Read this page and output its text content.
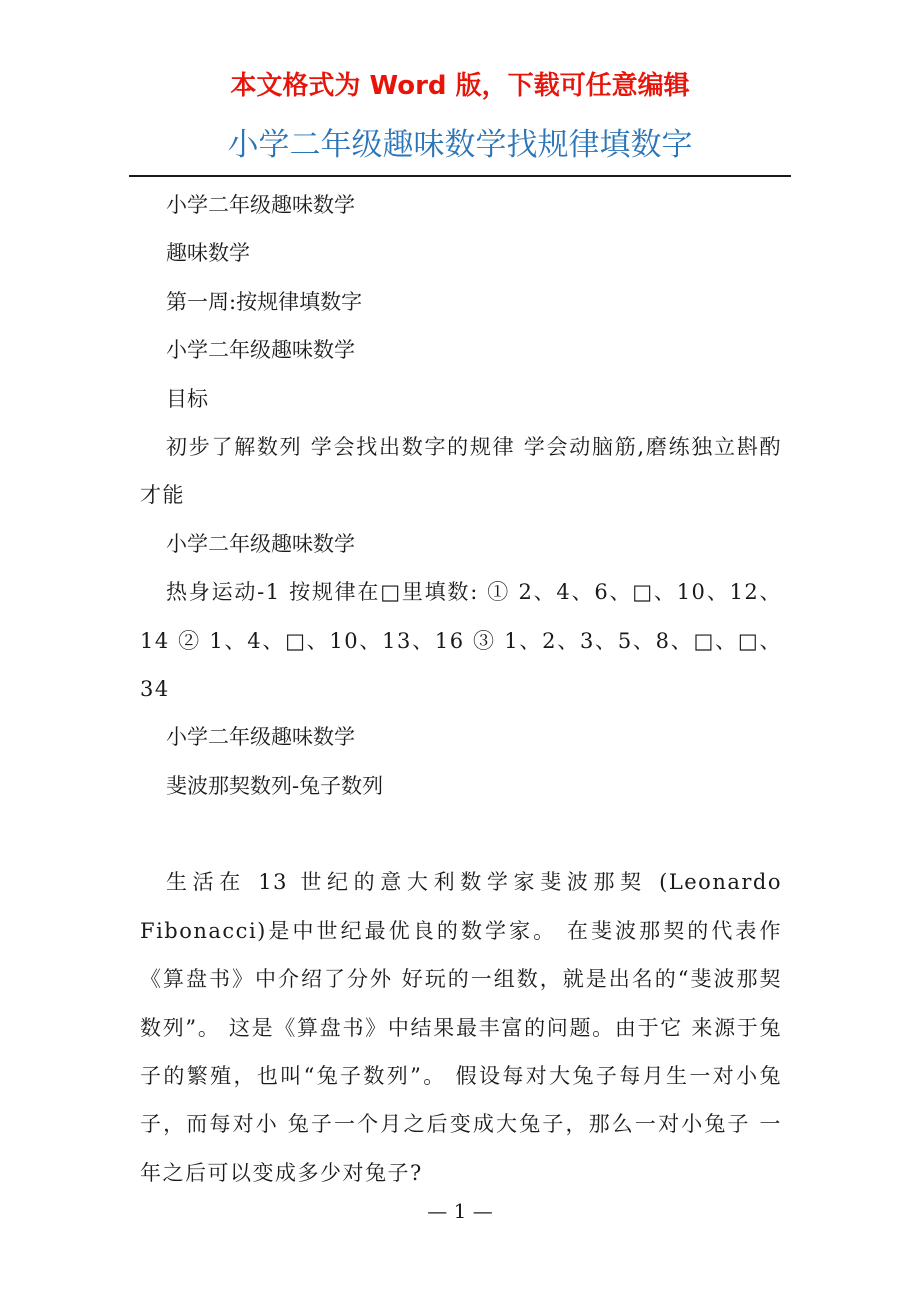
本文格式为 Word 版，下载可任意编辑
小学二年级趣味数学找规律填数字

小学二年级趣味数学

趣味数学

第一周:按规律填数字

小学二年级趣味数学

目标

初步了解数列 学会找出数字的规律 学会动脑筋,磨练独立斟酌才能

小学二年级趣味数学

热身运动-1 按规律在□里填数: ① 2、4、6、□、10、12、14 ② 1、4、□、10、13、16 ③ 1、2、3、5、8、□、□、34

小学二年级趣味数学

斐波那契数列-兔子数列

生活在 13 世纪的意大利数学家斐波那契 (Leonardo Fibonacci)是中世纪最优良的数学家。 在斐波那契的代表作《算盘书》中介绍了分外 好玩的一组数，就是出名的“斐波那契数列”。 这是《算盘书》中结果最丰富的问题。由于它 来源于兔子的繁殖，也叫“兔子数列”。 假设每对大兔子每月生一对小兔子，而每对小 兔子一个月之后变成大兔子，那么一对小兔子 一年之后可以变成多少对兔子?

— 1 —
